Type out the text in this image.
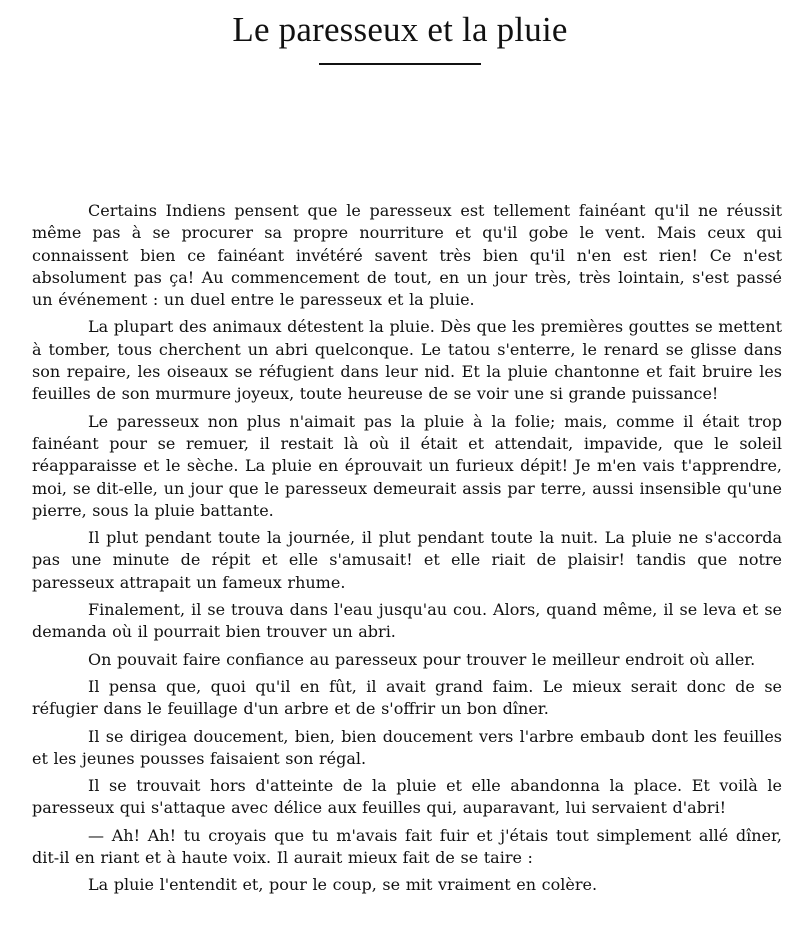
Le paresseux et la pluie

Certains Indiens pensent que le paresseux est tellement fainéant qu'il ne réussit même pas à se procurer sa propre nourriture et qu'il gobe le vent. Mais ceux qui connaissent bien ce fainéant invétéré savent très bien qu'il n'en est rien! Ce n'est absolument pas ça! Au commencement de tout, en un jour très, très lointain, s'est passé un événement : un duel entre le paresseux et la pluie.

La plupart des animaux détestent la pluie. Dès que les premières gouttes se mettent à tomber, tous cherchent un abri quelconque. Le tatou s'enterre, le renard se glisse dans son repaire, les oiseaux se réfugient dans leur nid. Et la pluie chantonne et fait bruire les feuilles de son murmure joyeux, toute heureuse de se voir une si grande puissance!

Le paresseux non plus n'aimait pas la pluie à la folie; mais, comme il était trop fainéant pour se remuer, il restait là où il était et attendait, impavide, que le soleil réapparaisse et le sèche. La pluie en éprouvait un furieux dépit! Je m'en vais t'apprendre, moi, se dit-elle, un jour que le paresseux demeurait assis par terre, aussi insensible qu'une pierre, sous la pluie battante.

Il plut pendant toute la journée, il plut pendant toute la nuit. La pluie ne s'accorda pas une minute de répit et elle s'amusait! et elle riait de plaisir! tandis que notre paresseux attrapait un fameux rhume.

Finalement, il se trouva dans l'eau jusqu'au cou. Alors, quand même, il se leva et se demanda où il pourrait bien trouver un abri.

On pouvait faire confiance au paresseux pour trouver le meilleur endroit où aller.

Il pensa que, quoi qu'il en fût, il avait grand faim. Le mieux serait donc de se réfugier dans le feuillage d'un arbre et de s'offrir un bon dîner.

Il se dirigea doucement, bien, bien doucement vers l'arbre embaub dont les feuilles et les jeunes pousses faisaient son régal.

Il se trouvait hors d'atteinte de la pluie et elle abandonna la place. Et voilà le paresseux qui s'attaque avec délice aux feuilles qui, auparavant, lui servaient d'abri!

— Ah! Ah! tu croyais que tu m'avais fait fuir et j'étais tout simplement allé dîner, dit-il en riant et à haute voix. Il aurait mieux fait de se taire :

La pluie l'entendit et, pour le coup, se mit vraiment en colère.
